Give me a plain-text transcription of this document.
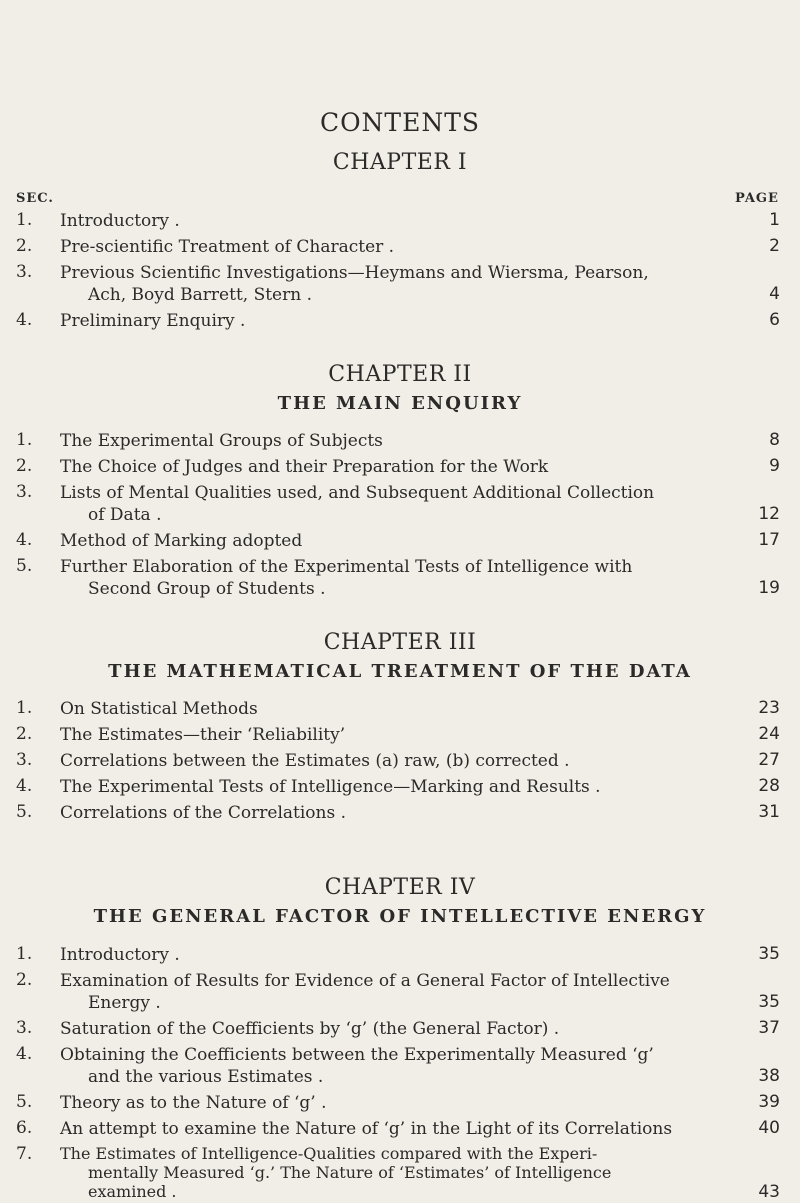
CONTENTS
CHAPTER I
SEC.	PAGE
1.	Introductory .	1
2.	Pre-scientific Treatment of Character .	2
3.	Previous Scientific Investigations—Heymans and Wiersma, Pearson,
Ach, Boyd Barrett, Stern .	4
4.	Preliminary Enquiry .	6
CHAPTER II
THE MAIN ENQUIRY
1.	The Experimental Groups of Subjects	8
2.	The Choice of Judges and their Preparation for the Work	9
3.	Lists of Mental Qualities used, and Subsequent Additional Collection
of Data .	12
4.	Method of Marking adopted	17
5.	Further Elaboration of the Experimental Tests of Intelligence with
Second Group of Students .	19
CHAPTER III
THE MATHEMATICAL TREATMENT OF THE DATA
1.	On Statistical Methods	23
2.	The Estimates—their ‘Reliability’	24
3.	Correlations between the Estimates (a) raw, (b) corrected .	27
4.	The Experimental Tests of Intelligence—Marking and Results .	28
5.	Correlations of the Correlations .	31
CHAPTER IV
THE GENERAL FACTOR OF INTELLECTIVE ENERGY
1.	Introductory .	35
2.	Examination of Results for Evidence of a General Factor of Intellective
Energy .	35
3.	Saturation of the Coefficients by ‘g’ (the General Factor) .	37
4.	Obtaining the Coefficients between the Experimentally Measured ‘g’
and the various Estimates .	38
5.	Theory as to the Nature of ‘g’ .	39
6.	An attempt to examine the Nature of ‘g’ in the Light of its Correlations	40
7.	The Estimates of Intelligence-Qualities compared with the Experi-
mentally Measured ‘g.’ The Nature of ‘Estimates’ of Intelligence
examined .	43
